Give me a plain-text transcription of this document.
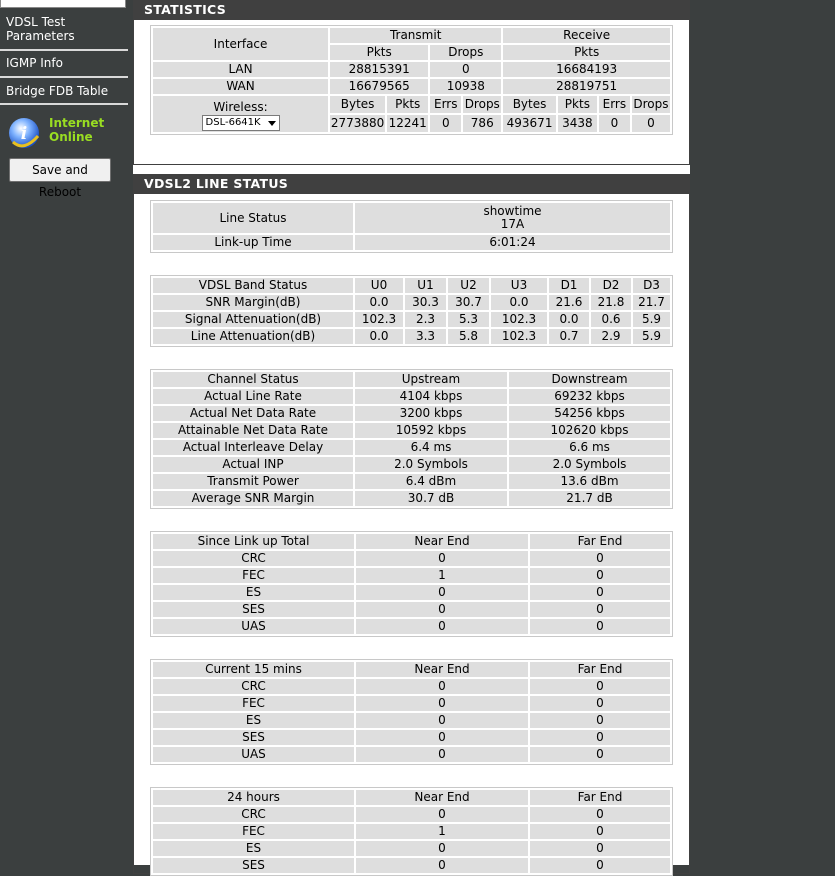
VDSL Test Parameters
IGMP Info
Bridge FDB Table
i
Internet
Online
Save and Reboot
STATISTICS
Interface	Transmit				Receive			
	Pkts		Drops		Pkts			
LAN	28815391		0		16684193			
WAN	16679565		10938		28819751			

Wireless:
DSL-6641K	Bytes	Pkts	Errs	Drops	Bytes	Pkts	Errs	Drops
	2773880	12241	0	786	493671	3438	0	0
VDSL2 LINE STATUS
Line Status	showtime
17A

Link-up Time	6:01:24
VDSL Band Status	U0	U1	U2	U3	D1	D2	D3
SNR Margin(dB)	0.0	30.3	30.7	0.0	21.6	21.8	21.7
Signal Attenuation(dB)	102.3	2.3	5.3	102.3	0.0	0.6	5.9
Line Attenuation(dB)	0.0	3.3	5.8	102.3	0.7	2.9	5.9
Channel Status	Upstream	Downstream
Actual Line Rate	4104 kbps	69232 kbps
Actual Net Data Rate	3200 kbps	54256 kbps
Attainable Net Data Rate	10592 kbps	102620 kbps
Actual Interleave Delay	6.4 ms	6.6 ms
Actual INP	2.0 Symbols	2.0 Symbols
Transmit Power	6.4 dBm	13.6 dBm
Average SNR Margin	30.7 dB	21.7 dB
Since Link up Total	Near End	Far End
CRC	0	0
FEC	1	0
ES	0	0
SES	0	0
UAS	0	0
Current 15 mins	Near End	Far End
CRC	0	0
FEC	0	0
ES	0	0
SES	0	0
UAS	0	0
24 hours	Near End	Far End
CRC	0	0
FEC	1	0
ES	0	0
SES	0	0
